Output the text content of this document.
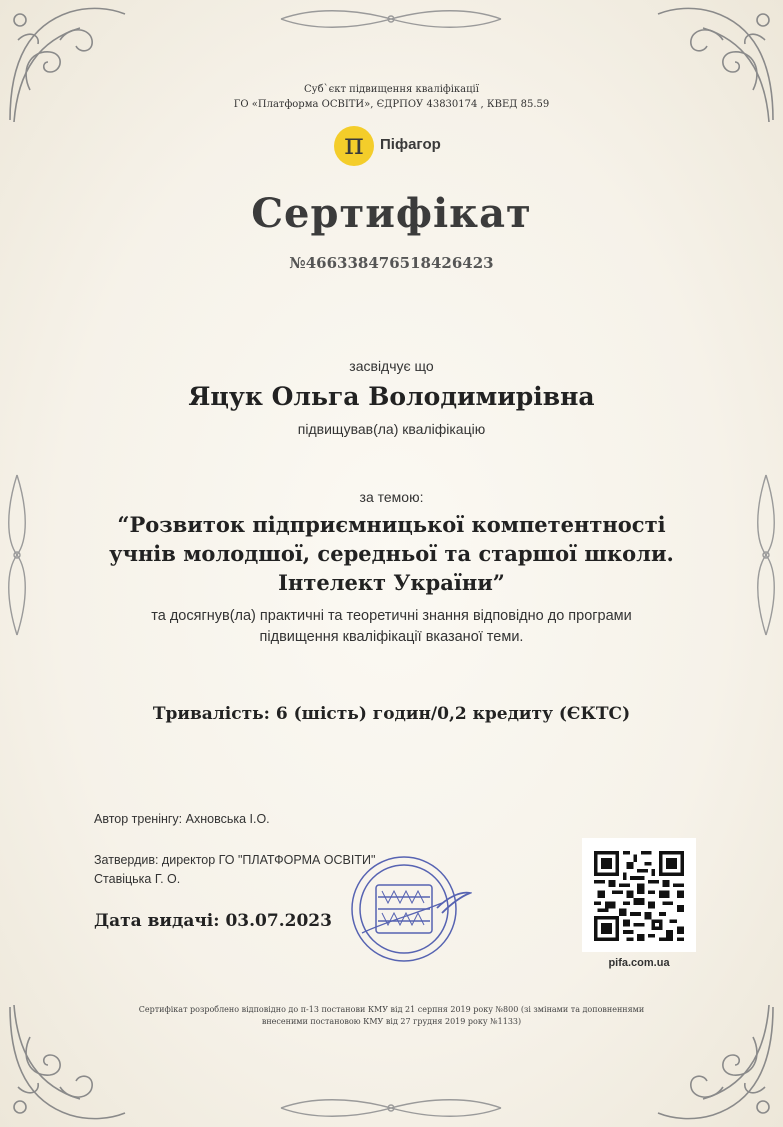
Суб`єкт підвищення кваліфікації
ГО «Платформа ОСВІТИ», ЄДРПОУ 43830174 , КВЕД 85.59
π	Піфагор
Сертифікат
№466338476518426423
засвідчує що
Яцук Ольга Володимирівна
підвищував(ла) кваліфікацію
за темою:
“Розвиток підприємницької компетентності
учнів молодшої, середньої та старшої школи.
Інтелект України”
та досягнув(ла) практичні та теоретичні знання відповідно до програми
підвищення кваліфікації вказаної теми.
Тривалість: 6 (шість) годин/0,2 кредиту (ЄКТС)
Автор тренінгу: Ахновська І.О.
Затвердив: директор ГО "ПЛАТФОРМА ОСВІТИ"
Ставіцька Г. О.
Дата видачі: 03.07.2023
pifa.com.ua
Сертифікат розроблено відповідно до п-13 постанови КМУ від 21 серпня 2019 року №800 (зі змінами та доповненнями
внесеними постановою КМУ від 27 грудня 2019 року №1133)
